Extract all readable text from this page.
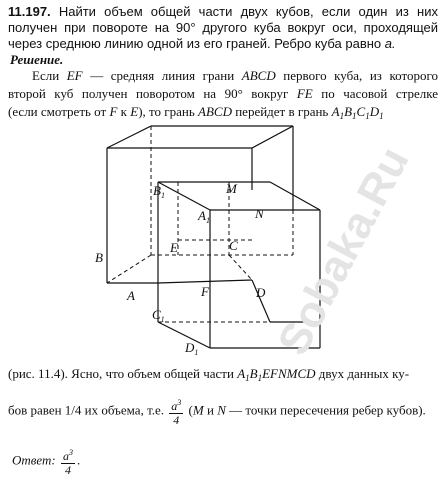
11.197. Найти объем общей части двух кубов, если один из них
получен при повороте на 90° другого куба вокруг оси, проходящей
через среднюю линию одной из его граней. Ребро куба равно a.
Решение.
Если EF — средняя линия грани ABCD первого куба, из которого
второй куб получен поворотом на 90° вокруг FE по часовой стрелке
(если смотреть от F к E), то грань ABCD перейдет в грань $A_1B_1C_1D_1$
B
A
E
F	D
C
M
N
$A_1$
$B_1$
$C_1$
$D_1$ Sobaka.Ru
(рис. 11.4). Ясно, что объем общей части $A_1B_1EFNMCD$ двух данных ку-
бов равен 1/4 их объема, т.е. $\frac{a^3}{4} (M$ и N — точки пересечения ребер кубов).
Ответ: $\frac{a^3}{4}$ .
